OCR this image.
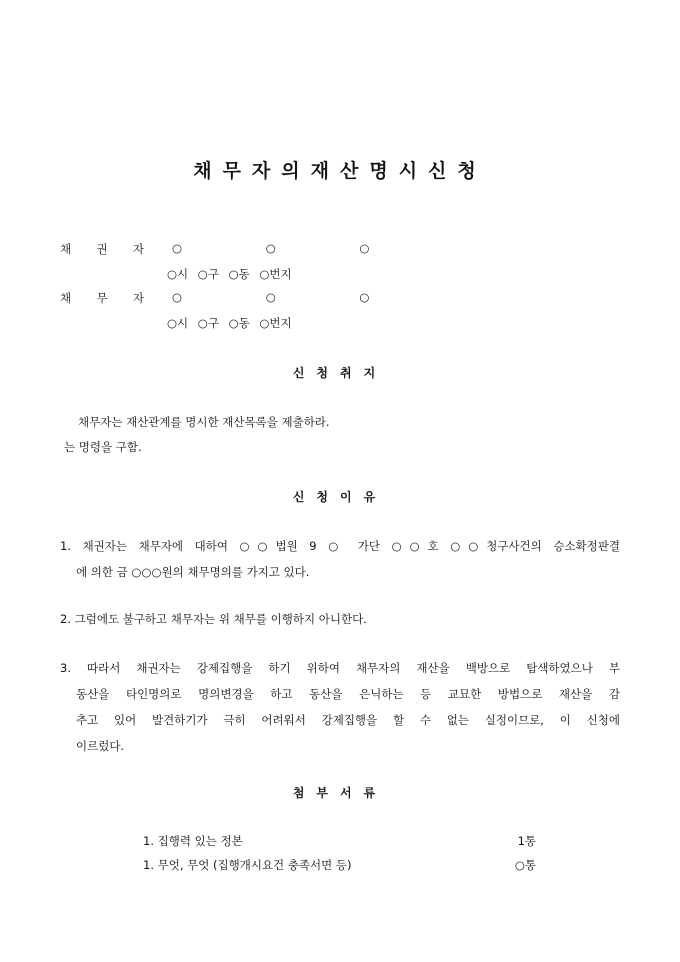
채무자의재산명시신청
채 권 자 ○ ○ ○
○시 ○구 ○동 ○번지
채 무 자 ○ ○ ○
○시 ○구 ○동 ○번지
신청취지
채무자는 재산관계를 명시한 재산목록을 제출하라.
는 명령을 구함.
신청이유
1. 채권자는 채무자에 대하여 ○○법원 9 ○ 가단 ○○호 ○○청구사건의 승소확정판결
에 의한 금 ○○○원의 채무명의를 가지고 있다.
2. 그럼에도 불구하고 채무자는 위 채무를 이행하지 아니한다.
3. 따라서 채권자는 강제집행을 하기 위하여 채무자의 재산을 백방으로 탐색하였으나 부
동산을 타인명의로 명의변경을 하고 동산을 은닉하는 등 교묘한 방법으로 재산을 감
추고 있어 발견하기가 극히 어려워서 강제집행을 할 수 없는 실정이므로, 이 신청에
이르렀다.
첨부서류
1. 집행력 있는 정본	1통
1. 무엇, 무엇 (집행개시요건 충족서면 등)	○통
